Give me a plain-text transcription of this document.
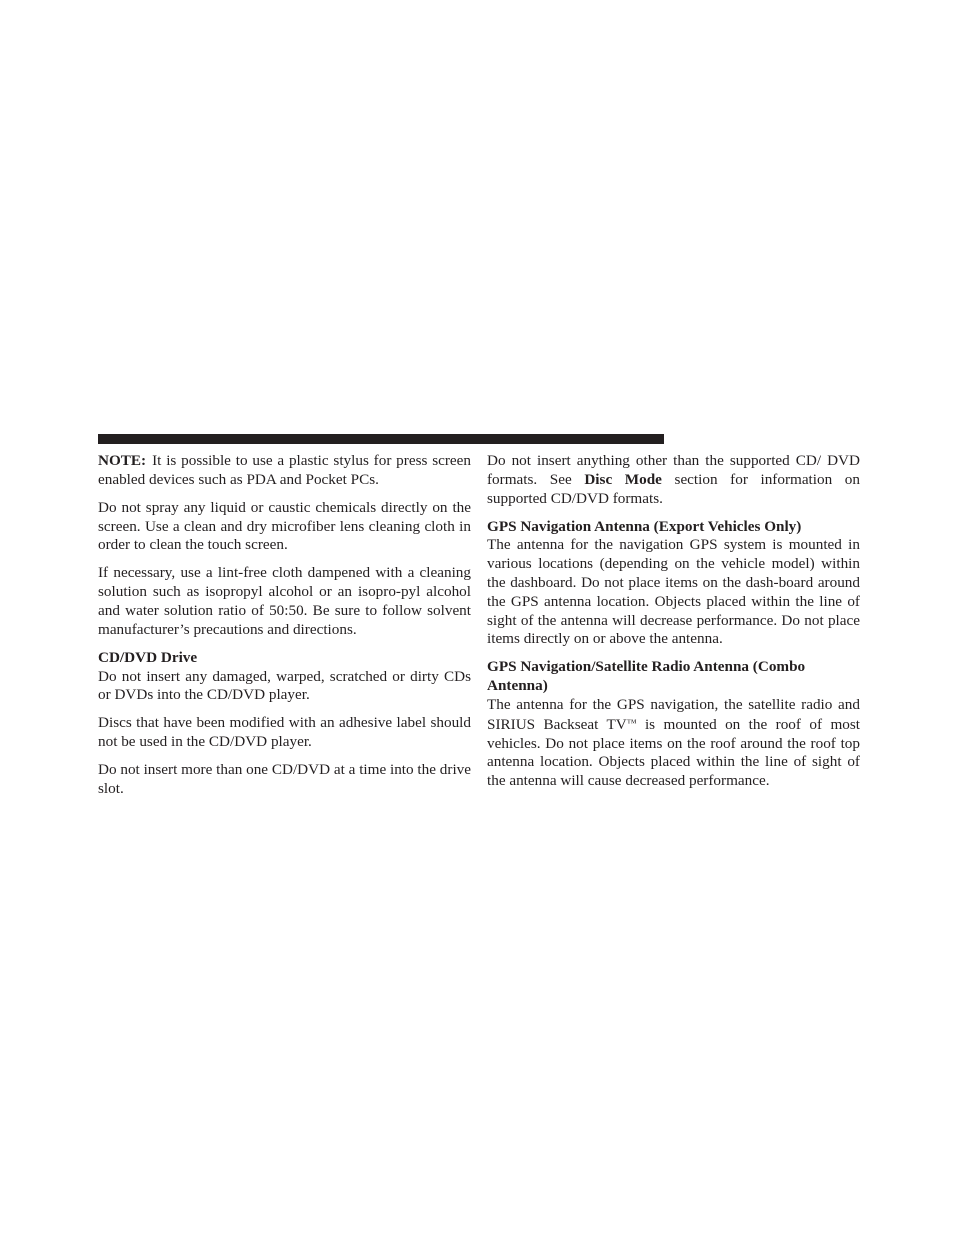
NOTE: It is possible to use a plastic stylus for press screen enabled devices such as PDA and Pocket PCs.

Do not spray any liquid or caustic chemicals directly on the screen. Use a clean and dry microfiber lens cleaning cloth in order to clean the touch screen.

If necessary, use a lint-free cloth dampened with a cleaning solution such as isopropyl alcohol or an isopro-pyl alcohol and water solution ratio of 50:50. Be sure to follow solvent manufacturer’s precautions and directions.

CD/DVD Drive

Do not insert any damaged, warped, scratched or dirty CDs or DVDs into the CD/DVD player.

Discs that have been modified with an adhesive label should not be used in the CD/DVD player.

Do not insert more than one CD/DVD at a time into the drive slot.

Do not insert anything other than the supported CD/ DVD formats. See Disc Mode section for information on supported CD/DVD formats.

GPS Navigation Antenna (Export Vehicles Only)

The antenna for the navigation GPS system is mounted in various locations (depending on the vehicle model) within the dashboard. Do not place items on the dash-board around the GPS antenna location. Objects placed within the line of sight of the antenna will decrease performance. Do not place items directly on or above the antenna.

GPS Navigation/Satellite Radio Antenna (Combo Antenna)

The antenna for the GPS navigation, the satellite radio and SIRIUS Backseat TV™ is mounted on the roof of most vehicles. Do not place items on the roof around the roof top antenna location. Objects placed within the line of sight of the antenna will cause decreased performance.
